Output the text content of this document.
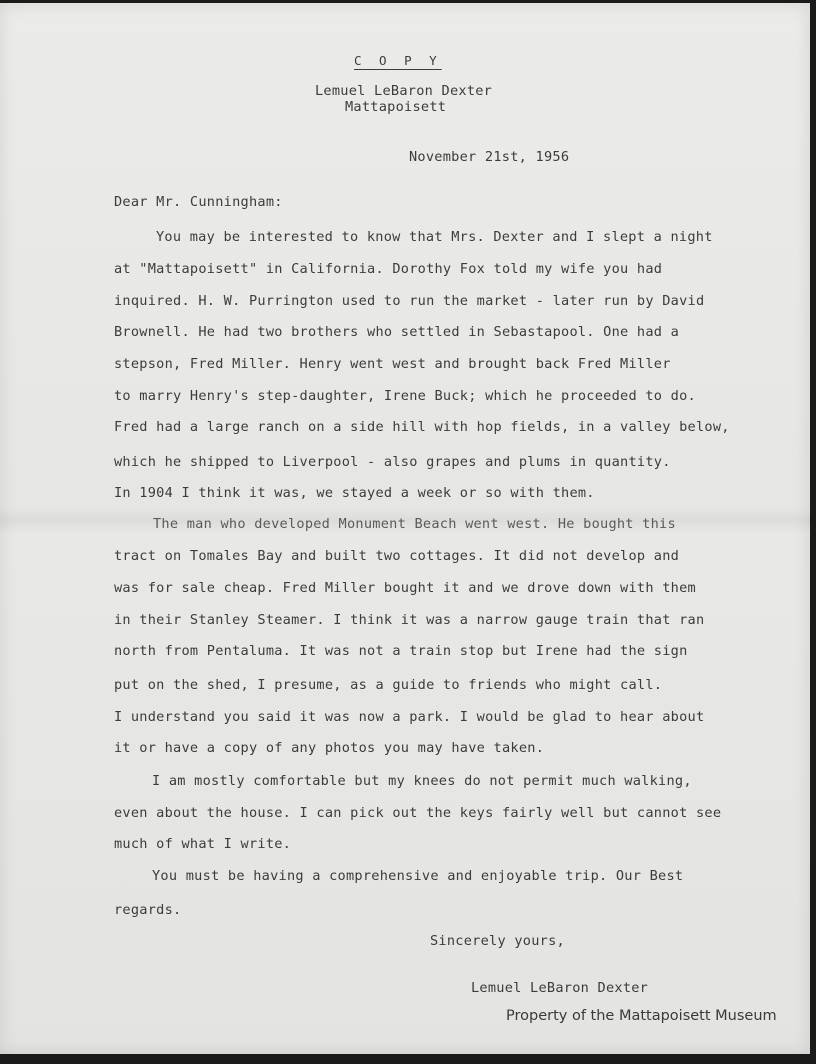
C O P Y

Lemuel LeBaron Dexter

Mattapoisett

November 21st, 1956

Dear Mr. Cunningham:

You may be interested to know that Mrs. Dexter and I slept a night

at "Mattapoisett" in California. Dorothy Fox told my wife you had

inquired. H. W. Purrington used to run the market - later run by David

Brownell. He had two brothers who settled in Sebastapool. One had a

stepson, Fred Miller. Henry went west and brought back Fred Miller

to marry Henry's step-daughter, Irene Buck; which he proceeded to do.

Fred had a large ranch on a side hill with hop fields, in a valley below,

which he shipped to Liverpool - also grapes and plums in quantity.

In 1904 I think it was, we stayed a week or so with them.

The man who developed Monument Beach went west. He bought this

tract on Tomales Bay and built two cottages. It did not develop and

was for sale cheap. Fred Miller bought it and we drove down with them

in their Stanley Steamer. I think it was a narrow gauge train that ran

north from Pentaluma. It was not a train stop but Irene had the sign

put on the shed, I presume, as a guide to friends who might call.

I understand you said it was now a park. I would be glad to hear about

it or have a copy of any photos you may have taken.

I am mostly comfortable but my knees do not permit much walking,

even about the house. I can pick out the keys fairly well but cannot see

much of what I write.

You must be having a comprehensive and enjoyable trip. Our Best

regards.

Sincerely yours,

Lemuel LeBaron Dexter

Property of the Mattapoisett Museum
